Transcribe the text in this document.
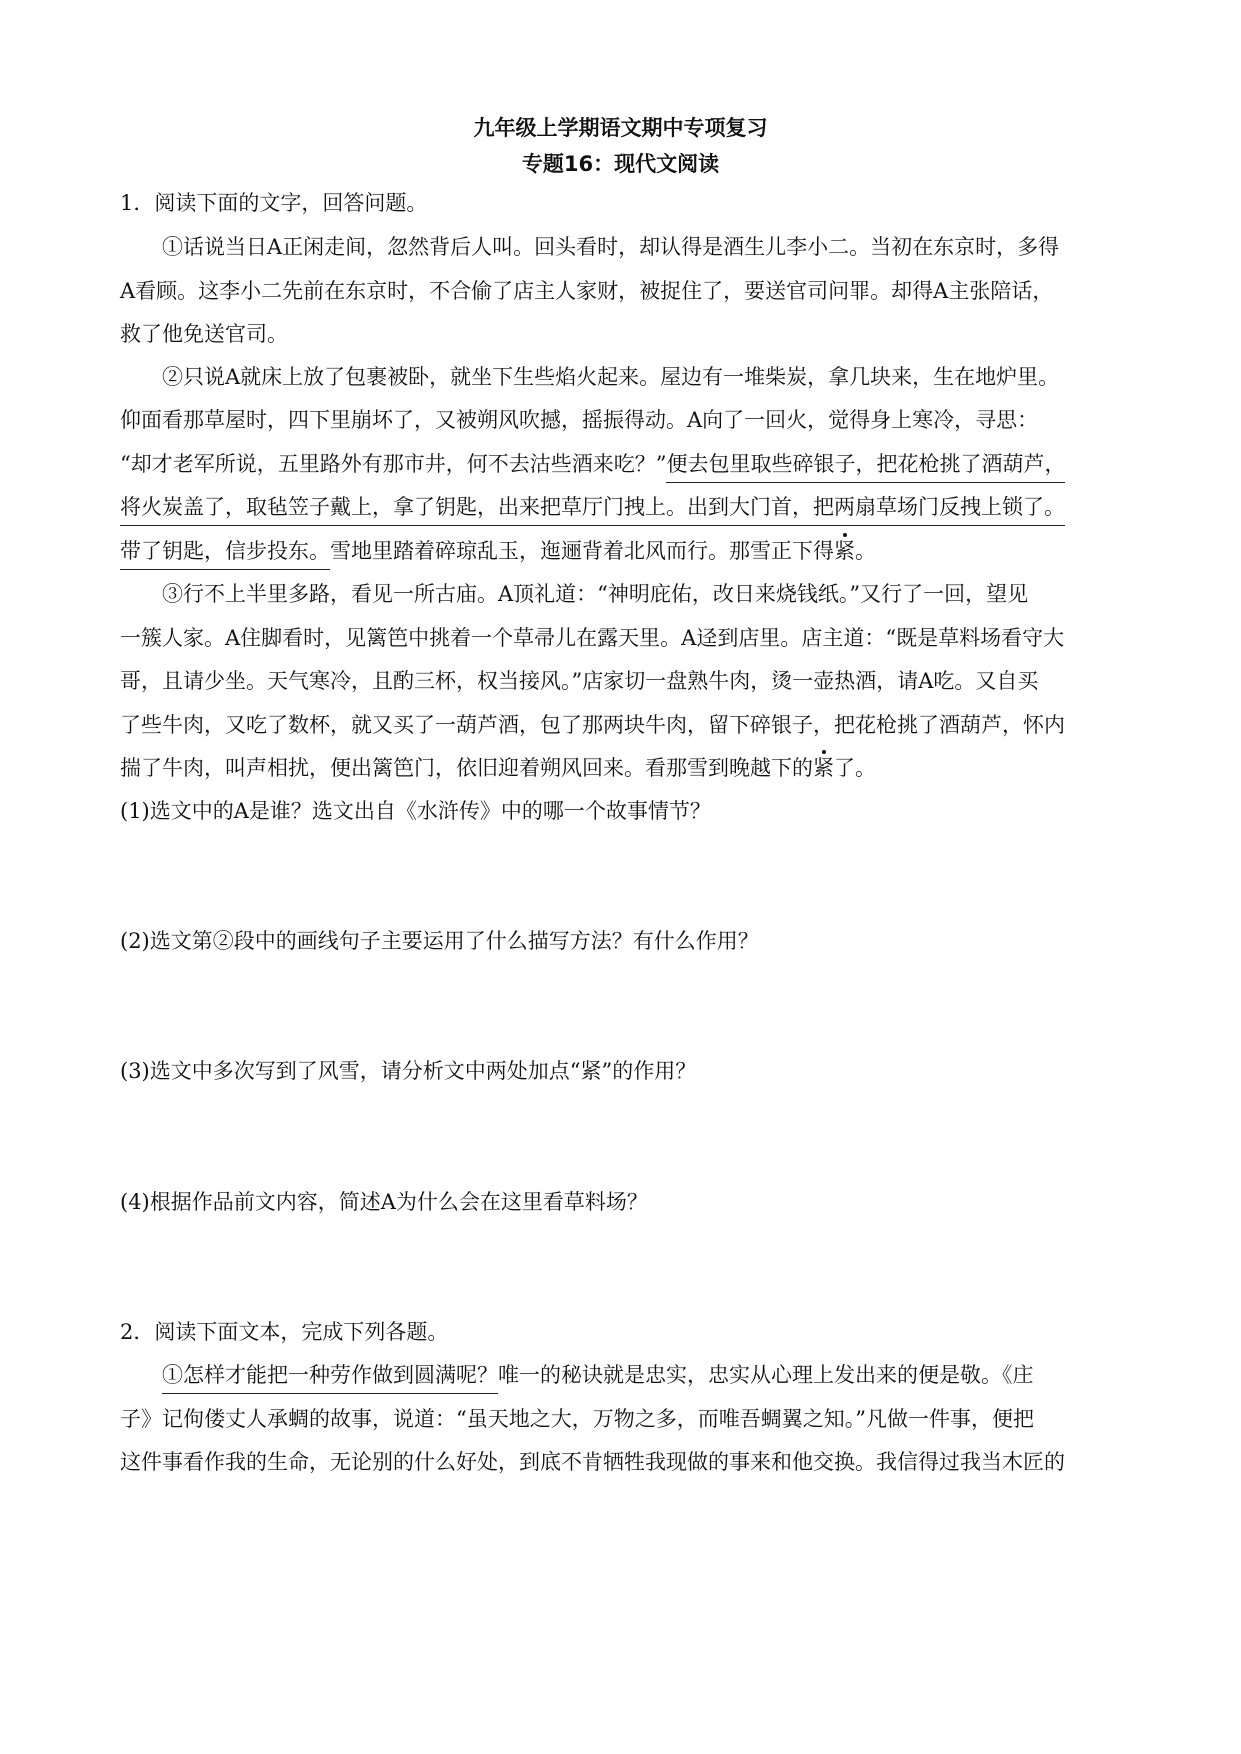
九年级上学期语文期中专项复习
专题16：现代文阅读
1．阅读下面的文字，回答问题。
①话说当日A正闲走间，忽然背后人叫。回头看时，却认得是酒生儿李小二。当初在东京时，多得
A看顾。这李小二先前在东京时，不合偷了店主人家财，被捉住了，要送官司问罪。却得A主张陪话，
救了他免送官司。
②只说A就床上放了包裹被卧，就坐下生些焰火起来。屋边有一堆柴炭，拿几块来，生在地炉里。
仰面看那草屋时，四下里崩坏了，又被朔风吹撼，摇振得动。A向了一回火，觉得身上寒冷，寻思：
“却才老军所说，五里路外有那市井，何不去沽些酒来吃？”便去包里取些碎银子，把花枪挑了酒葫芦，
将火炭盖了，取毡笠子戴上，拿了钥匙，出来把草厅门拽上。出到大门首，把两扇草场门反拽上锁了。
带了钥匙，信步投东。雪地里踏着碎琼乱玉，迤逦背着北风而行。那雪正下得紧。
③行不上半里多路，看见一所古庙。A顶礼道：“神明庇佑，改日来烧钱纸。”又行了一回，望见
一簇人家。A住脚看时，见篱笆中挑着一个草帚儿在露天里。A迳到店里。店主道：“既是草料场看守大
哥，且请少坐。天气寒冷，且酌三杯，权当接风。”店家切一盘熟牛肉，烫一壶热酒，请A吃。又自买
了些牛肉，又吃了数杯，就又买了一葫芦酒，包了那两块牛肉，留下碎银子，把花枪挑了酒葫芦，怀内
揣了牛肉，叫声相扰，便出篱笆门，依旧迎着朔风回来。看那雪到晚越下的紧了。
(1)选文中的A是谁？选文出自《水浒传》中的哪一个故事情节？
(2)选文第②段中的画线句子主要运用了什么描写方法？有什么作用？
(3)选文中多次写到了风雪，请分析文中两处加点“紧”的作用？
(4)根据作品前文内容，简述A为什么会在这里看草料场？
2．阅读下面文本，完成下列各题。
①怎样才能把一种劳作做到圆满呢？唯一的秘诀就是忠实，忠实从心理上发出来的便是敬。《庄
子》记佝偻丈人承蜩的故事，说道：“虽天地之大，万物之多，而唯吾蜩翼之知。”凡做一件事，便把
这件事看作我的生命，无论别的什么好处，到底不肯牺牲我现做的事来和他交换。我信得过我当木匠的
